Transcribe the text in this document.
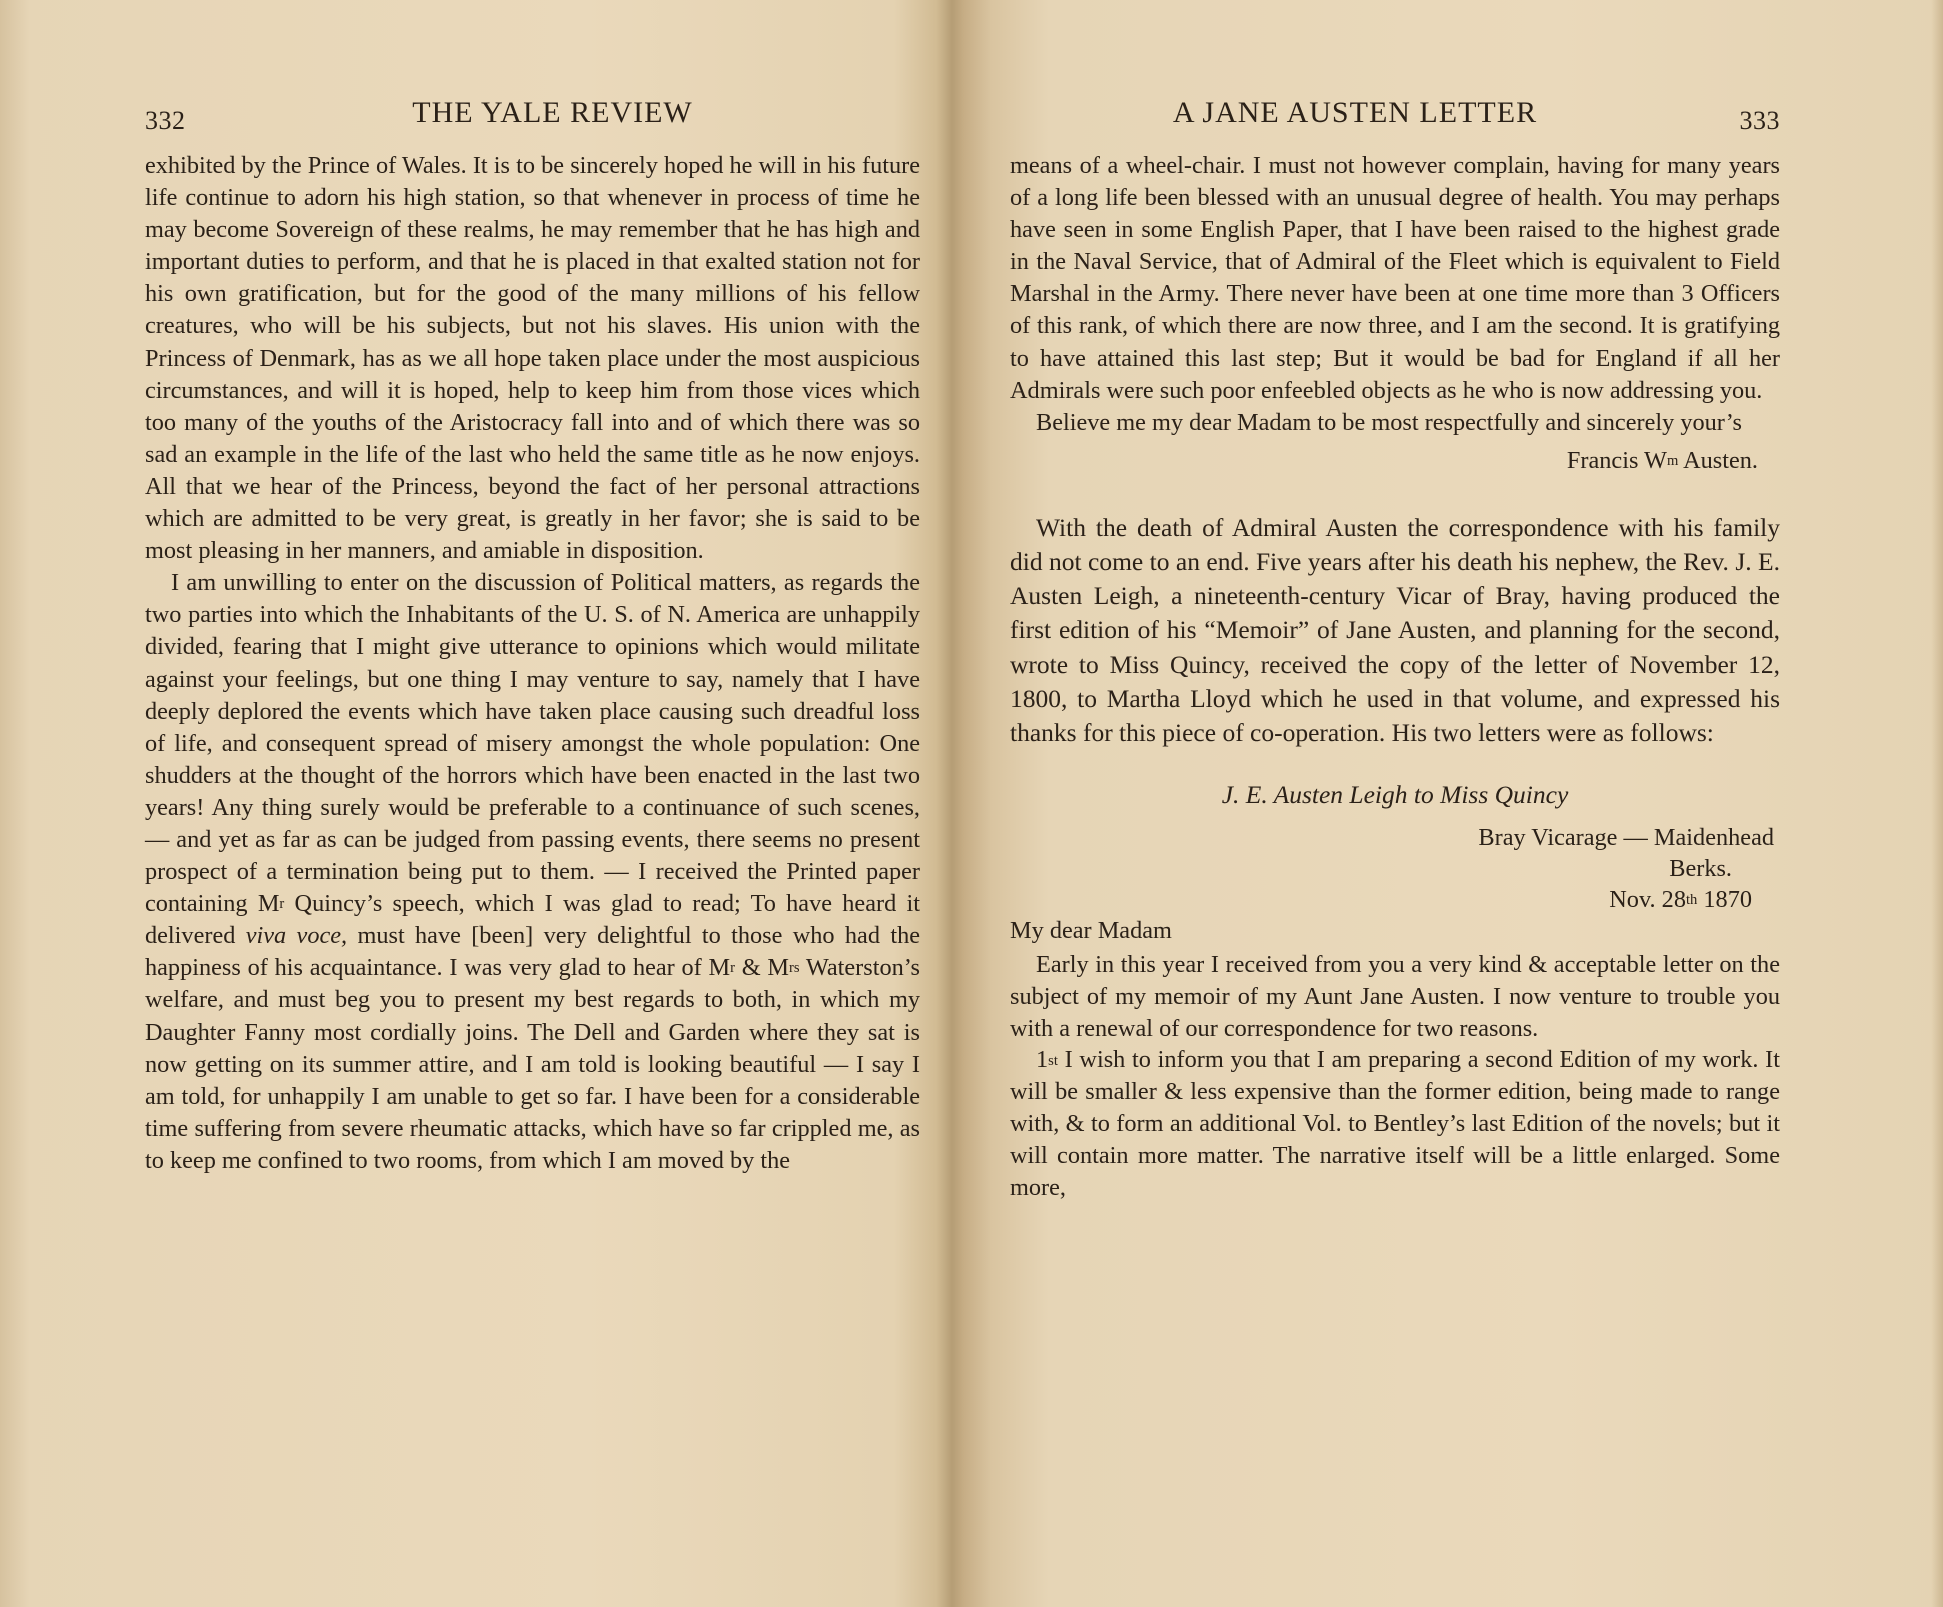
332	THE YALE REVIEW

exhibited by the Prince of Wales. It is to be sincerely hoped he will in his future life continue to adorn his high station, so that whenever in process of time he may become Sovereign of these realms, he may remember that he has high and important duties to perform, and that he is placed in that exalted station not for his own gratification, but for the good of the many millions of his fellow creatures, who will be his subjects, but not his slaves. His union with the Princess of Denmark, has as we all hope taken place under the most auspicious circumstances, and will it is hoped, help to keep him from those vices which too many of the youths of the Aristocracy fall into and of which there was so sad an example in the life of the last who held the same title as he now enjoys. All that we hear of the Princess, beyond the fact of her personal attractions which are admitted to be very great, is greatly in her favor; she is said to be most pleasing in her manners, and amiable in disposition.

I am unwilling to enter on the discussion of Political matters, as regards the two parties into which the Inhabitants of the U. S. of N. America are unhappily divided, fearing that I might give utterance to opinions which would militate against your feelings, but one thing I may venture to say, namely that I have deeply deplored the events which have taken place causing such dreadful loss of life, and consequent spread of misery amongst the whole population: One shudders at the thought of the horrors which have been enacted in the last two years! Any thing surely would be preferable to a continuance of such scenes, — and yet as far as can be judged from passing events, there seems no present prospect of a termination being put to them. — I received the Printed paper containing $M^r$ Quincy’s speech, which I was glad to read; To have heard it delivered viva voce, must have [been] very delightful to those who had the happiness of his acquaintance. I was very glad to hear of $M^r$ & $M^{rs}$ Waterston’s welfare, and must beg you to present my best regards to both, in which my Daughter Fanny most cordially joins. The Dell and Garden where they sat is now getting on its summer attire, and I am told is looking beautiful — I say I am told, for unhappily I am unable to get so far. I have been for a considerable time suffering from severe rheumatic attacks, which have so far crippled me, as to keep me confined to two rooms, from which I am moved by the

A JANE AUSTEN LETTER	333

means of a wheel-chair. I must not however complain, having for many years of a long life been blessed with an unusual degree of health. You may perhaps have seen in some English Paper, that I have been raised to the highest grade in the Naval Service, that of Admiral of the Fleet which is equivalent to Field Marshal in the Army. There never have been at one time more than 3 Officers of this rank, of which there are now three, and I am the second. It is gratifying to have attained this last step; But it would be bad for England if all her Admirals were such poor enfeebled objects as he who is now addressing you.

Believe me my dear Madam to be most respectfully and sincerely your’s

Francis $W^m$ Austen.

With the death of Admiral Austen the correspondence with his family did not come to an end. Five years after his death his nephew, the Rev. J. E. Austen Leigh, a nineteenth-century Vicar of Bray, having produced the first edition of his “Memoir” of Jane Austen, and planning for the second, wrote to Miss Quincy, received the copy of the letter of November 12, 1800, to Martha Lloyd which he used in that volume, and expressed his thanks for this piece of co-operation. His two letters were as follows:

J. E. Austen Leigh to Miss Quincy
Bray Vicarage — Maidenhead
Berks.
Nov. 28th 1870

My dear Madam

Early in this year I received from you a very kind & acceptable letter on the subject of my memoir of my Aunt Jane Austen. I now venture to trouble you with a renewal of our correspondence for two reasons.

1st I wish to inform you that I am preparing a second Edition of my work. It will be smaller & less expensive than the former edition, being made to range with, & to form an additional Vol. to Bentley’s last Edition of the novels; but it will contain more matter. The narrative itself will be a little enlarged. Some more,
